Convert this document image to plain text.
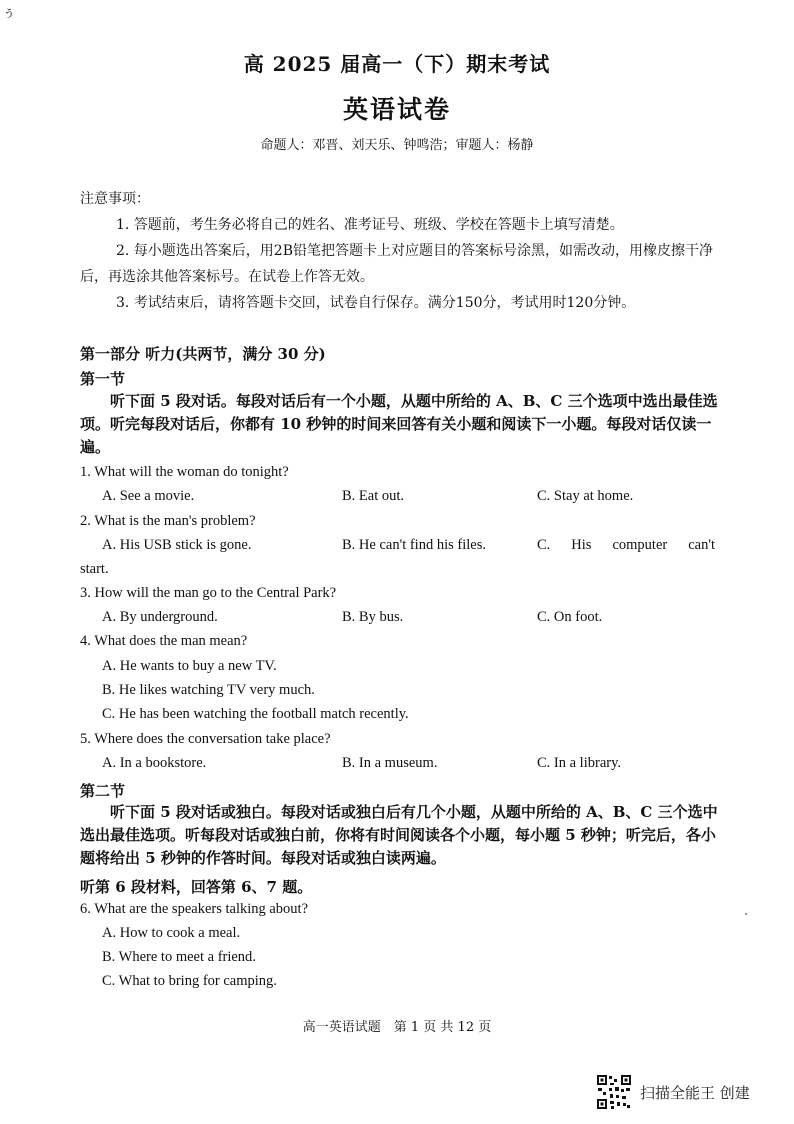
ぅ
高 2025 届高一（下）期末考试
英语试卷
命题人：邓晋、刘天乐、钟鸣浩；审题人：杨静

注意事项：

1. 答题前，考生务必将自己的姓名、准考证号、班级、学校在答题卡上填写清楚。

2. 每小题选出答案后，用2B铅笔把答题卡上对应题目的答案标号涂黑，如需改动，用橡皮擦干净后，再选涂其他答案标号。在试卷上作答无效。

3. 考试结束后，请将答题卡交回，试卷自行保存。满分150分，考试用时120分钟。

第一部分 听力(共两节，满分 30 分)
第一节

听下面 5 段对话。每段对话后有一个小题，从题中所给的 A、B、C 三个选项中选出最佳选项。听完每段对话后，你都有 10 秒钟的时间来回答有关小题和阅读下一小题。每段对话仅读一遍。

1. What will the woman do tonight?
A. See a movie.	B. Eat out.	C. Stay at home.
2. What is the man's problem?
A. His USB stick is gone.	B. He can't find his files.	C. His computer can't
start.
3. How will the man go to the Central Park?
A. By underground.	B. By bus.	C. On foot.
4. What does the man mean?
A. He wants to buy a new TV.
B. He likes watching TV very much.
C. He has been watching the football match recently.
5. Where does the conversation take place?
A. In a bookstore.	B. In a museum.	C. In a library.
第二节

听下面 5 段对话或独白。每段对话或独白后有几个小题，从题中所给的 A、B、C 三个选中选出最佳选项。听每段对话或独白前，你将有时间阅读各个小题，每小题 5 秒钟；听完后，各小题将给出 5 秒钟的作答时间。每段对话或独白读两遍。

听第 6 段材料，回答第 6、7 题。
6. What are the speakers talking about?
A. How to cook a meal.
B. Where to meet a friend.
C. What to bring for camping.
高一英语试题　第 1 页 共 12 页
扫描全能王 创建
